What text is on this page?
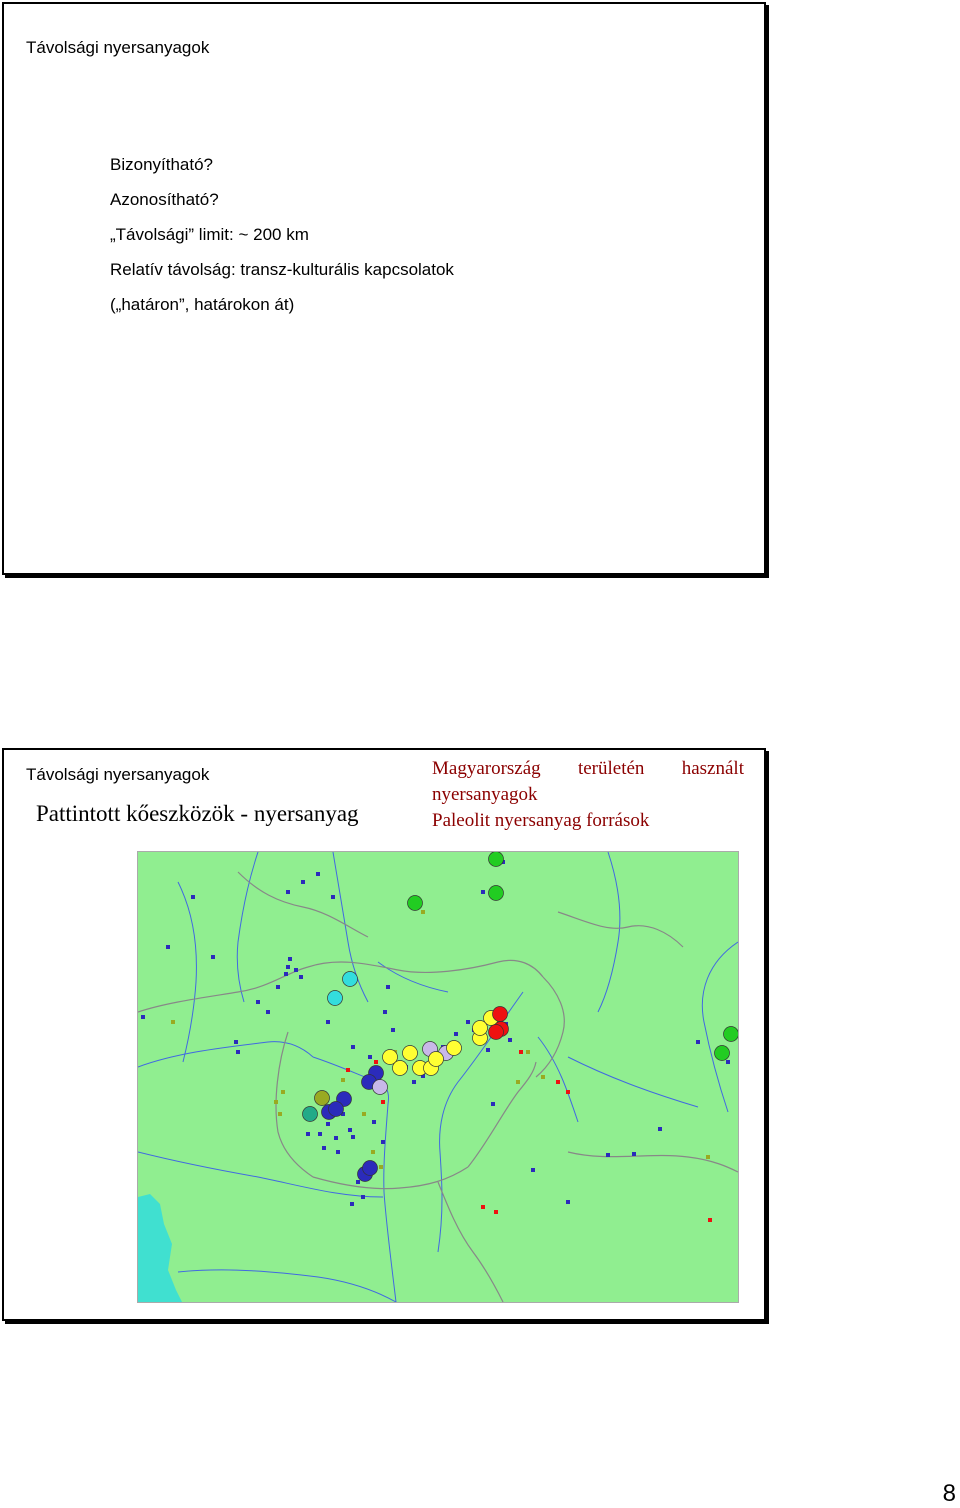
Távolsági nyersanyagok
Bizonyítható?
Azonosítható?
„Távolsági” limit: ~ 200 km
Relatív távolság: transz-kulturális kapcsolatok
(„határon”, határokon át)
Távolsági nyersanyagok
Pattintott kőeszközök - nyersanyag
Magyarország területén használt
nyersanyagok
Paleolit nyersanyag források
8
